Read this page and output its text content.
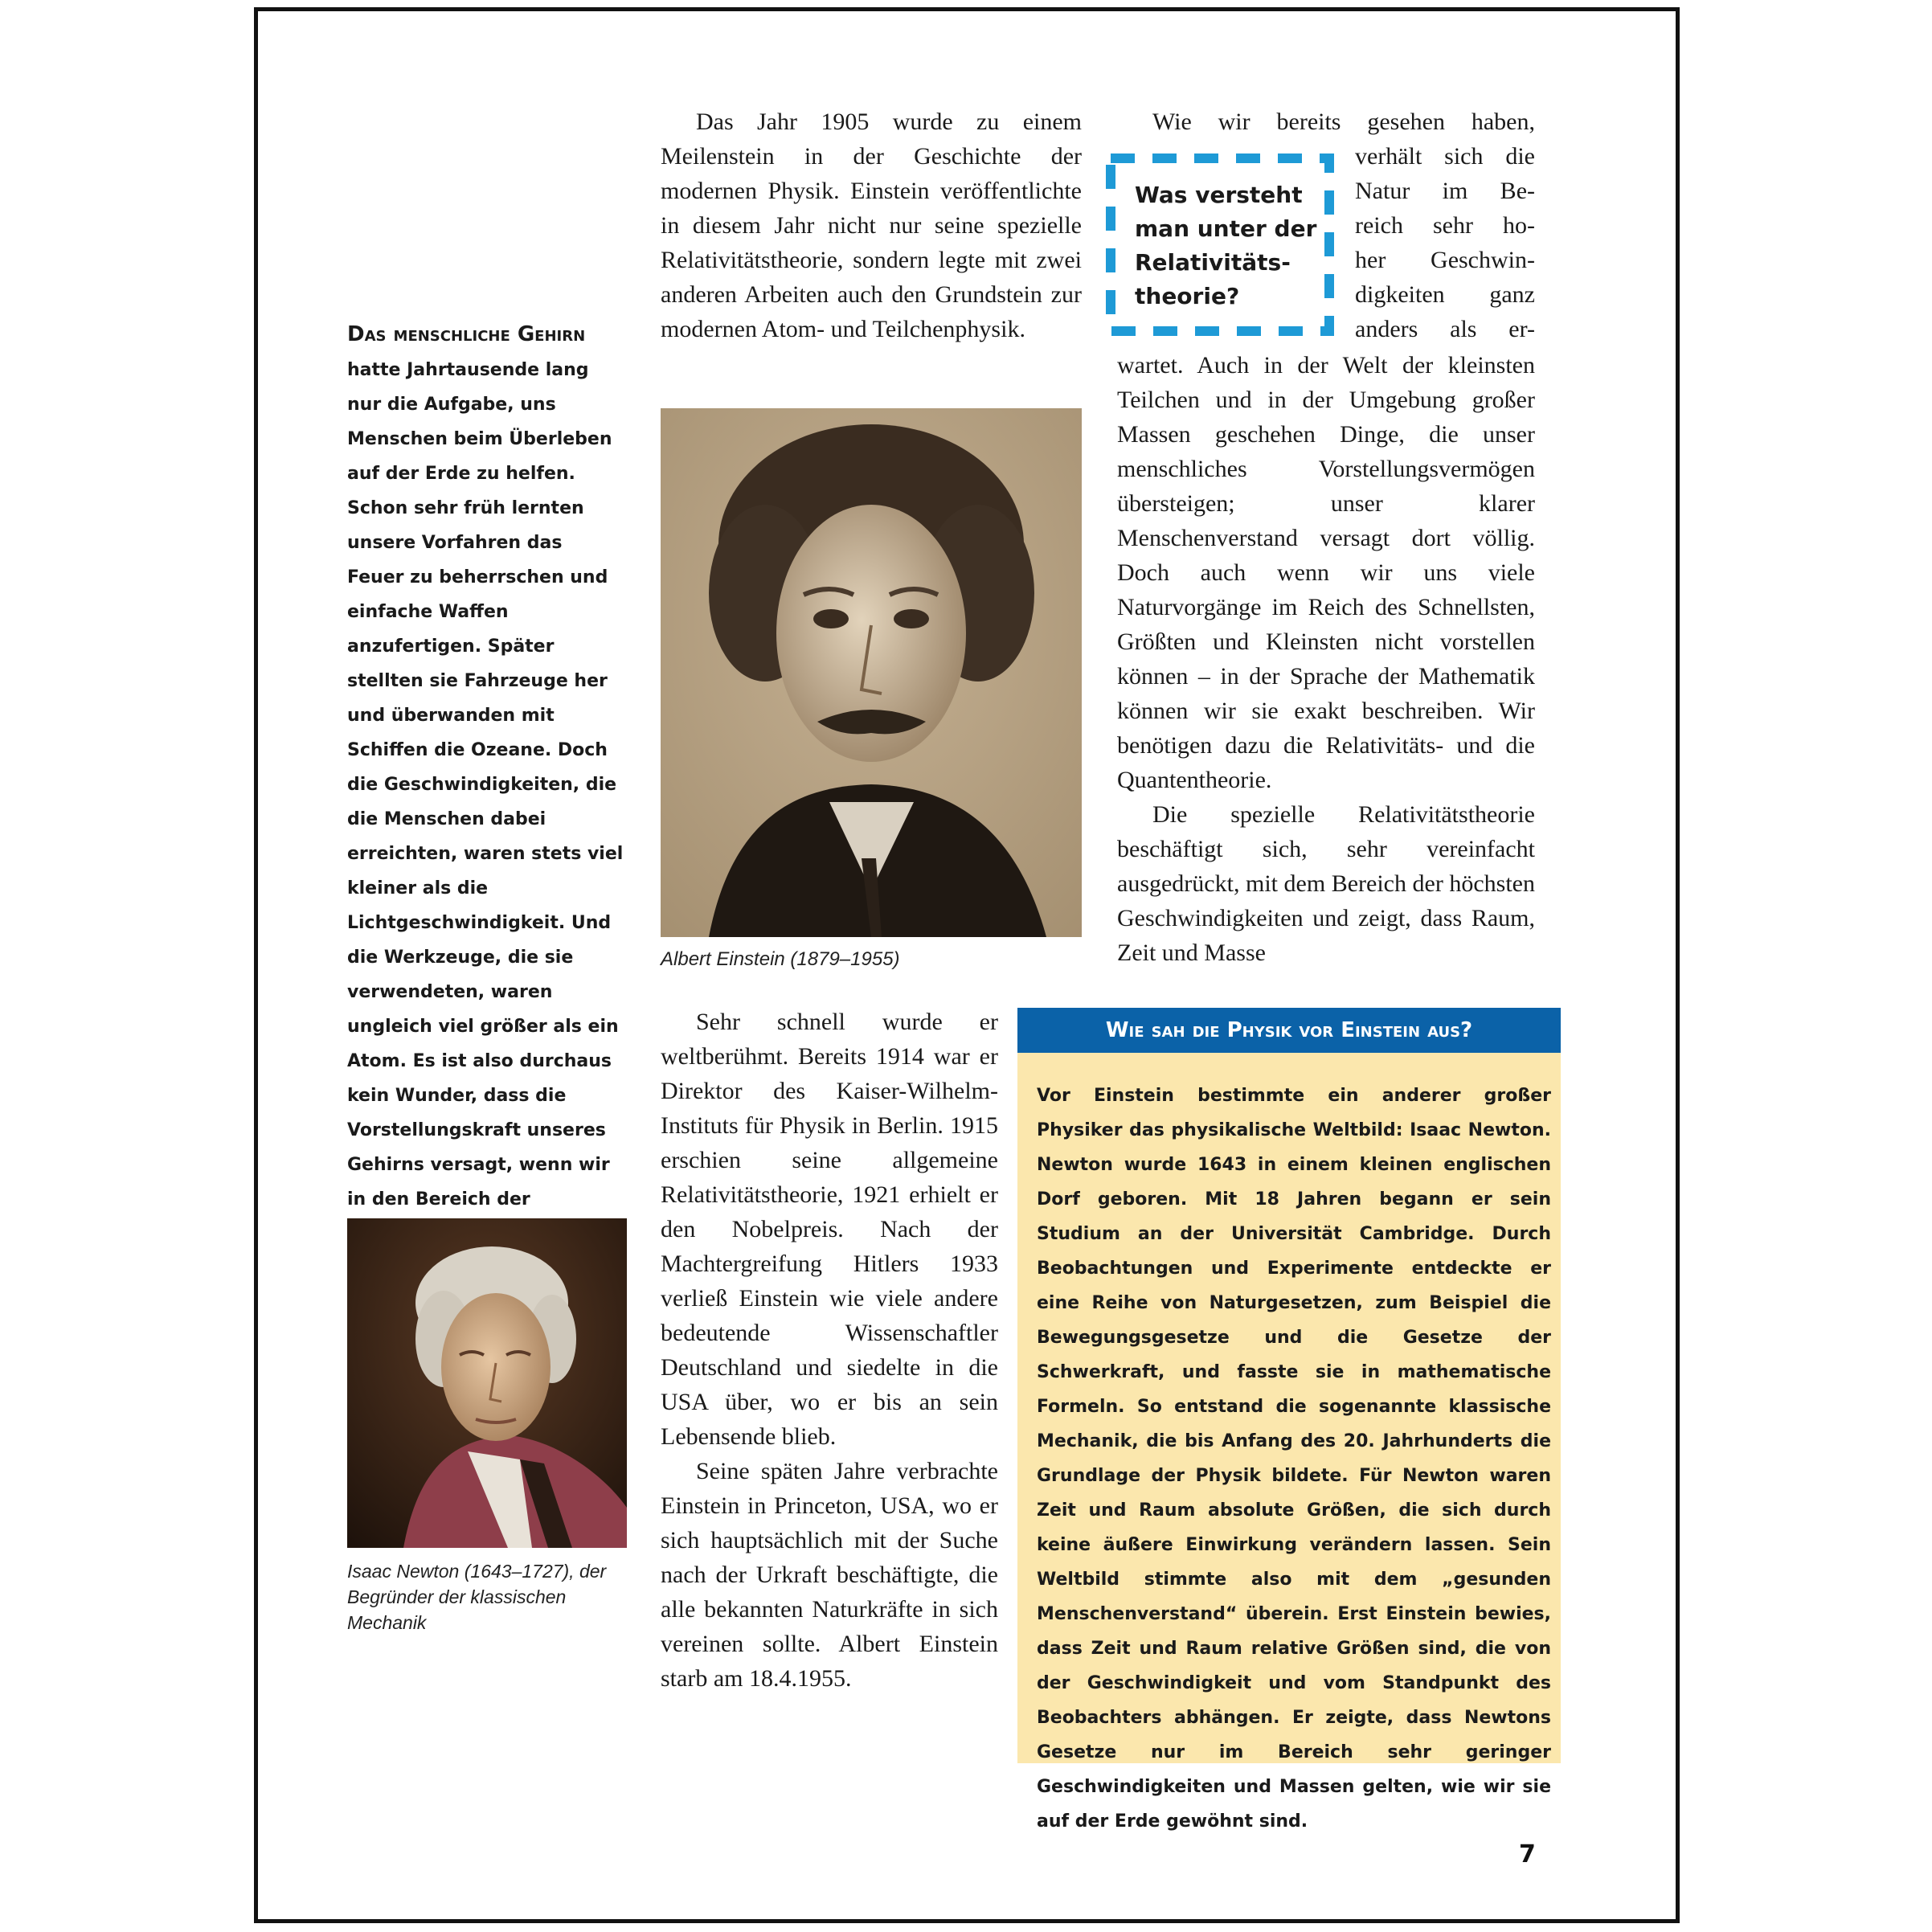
Das menschliche Gehirn hatte Jahrtausende lang nur die Aufgabe, uns Menschen beim Überleben auf der Erde zu helfen. Schon sehr früh lernten unsere Vorfahren das Feuer zu beherrschen und einfache Waffen anzufertigen. Später stellten sie Fahrzeuge her und überwanden mit Schiffen die Ozeane. Doch die Geschwindigkeiten, die die Menschen dabei erreichten, waren stets viel kleiner als die Lichtgeschwindigkeit. Und die Werkzeuge, die sie verwendeten, waren ungleich viel größer als ein Atom. Es ist also durchaus kein Wunder, dass die Vorstellungskraft unseres Gehirns versagt, wenn wir in den Bereich der

Isaac Newton (1643–1727), der Begründer der klassischen Mechanik

Das Jahr 1905 wurde zu einem Meilenstein in der Geschichte der modernen Physik. Einstein veröffentlichte in diesem Jahr nicht nur seine spezielle Relativitätstheorie, sondern legte mit zwei anderen Arbeiten auch den Grundstein zur modernen Atom- und Teilchenphysik.

Albert Einstein (1879–1955)

Sehr schnell wurde er weltberühmt. Bereits 1914 war er Direktor des Kaiser-Wilhelm-Instituts für Physik in Berlin. 1915 erschien seine allgemeine Relativitätstheorie, 1921 erhielt er den Nobelpreis. Nach der Machtergreifung Hitlers 1933 verließ Einstein wie viele andere bedeutende Wissenschaftler Deutschland und siedelte in die USA über, wo er bis an sein Lebensende blieb.

Seine späten Jahre verbrachte Einstein in Princeton, USA, wo er sich hauptsächlich mit der Suche nach der Urkraft beschäftigte, die alle bekannten Naturkräfte in sich vereinen sollte. Albert Einstein starb am 18.4.1955.

Was versteht man unter der Relativitäts-theorie?

Wie wir bereits gesehen haben,
verhält sich die
Natur im Be-
reich sehr ho-
her Geschwin-
digkeiten ganz
anders als er-

wartet. Auch in der Welt der kleinsten Teilchen und in der Umgebung großer Massen geschehen Dinge, die unser menschliches Vorstellungsvermögen übersteigen; unser klarer Menschenverstand versagt dort völlig. Doch auch wenn wir uns viele Naturvorgänge im Reich des Schnellsten, Größten und Kleinsten nicht vorstellen können – in der Sprache der Mathematik können wir sie exakt beschreiben. Wir benötigen dazu die Relativitäts- und die Quantentheorie.

Die spezielle Relativitätstheorie beschäftigt sich, sehr vereinfacht ausgedrückt, mit dem Bereich der höchsten Geschwindigkeiten und zeigt, dass Raum, Zeit und Masse

Wie sah die Physik vor Einstein aus?

Vor Einstein bestimmte ein anderer großer Physiker das physikalische Weltbild: Isaac Newton. Newton wurde 1643 in einem kleinen englischen Dorf geboren. Mit 18 Jahren begann er sein Studium an der Universität Cambridge. Durch Beobachtungen und Experimente entdeckte er eine Reihe von Naturgesetzen, zum Beispiel die Bewegungsgesetze und die Gesetze der Schwerkraft, und fasste sie in mathematische Formeln. So entstand die sogenannte klassische Mechanik, die bis Anfang des 20. Jahrhunderts die Grundlage der Physik bildete. Für Newton waren Zeit und Raum absolute Größen, die sich durch keine äußere Einwirkung verändern lassen. Sein Weltbild stimmte also mit dem „gesunden Menschenverstand“ überein. Erst Einstein bewies, dass Zeit und Raum relative Größen sind, die von der Geschwindigkeit und vom Standpunkt des Beobachters abhängen. Er zeigte, dass Newtons Gesetze nur im Bereich sehr geringer Geschwindigkeiten und Massen gelten, wie wir sie auf der Erde gewöhnt sind.

7
